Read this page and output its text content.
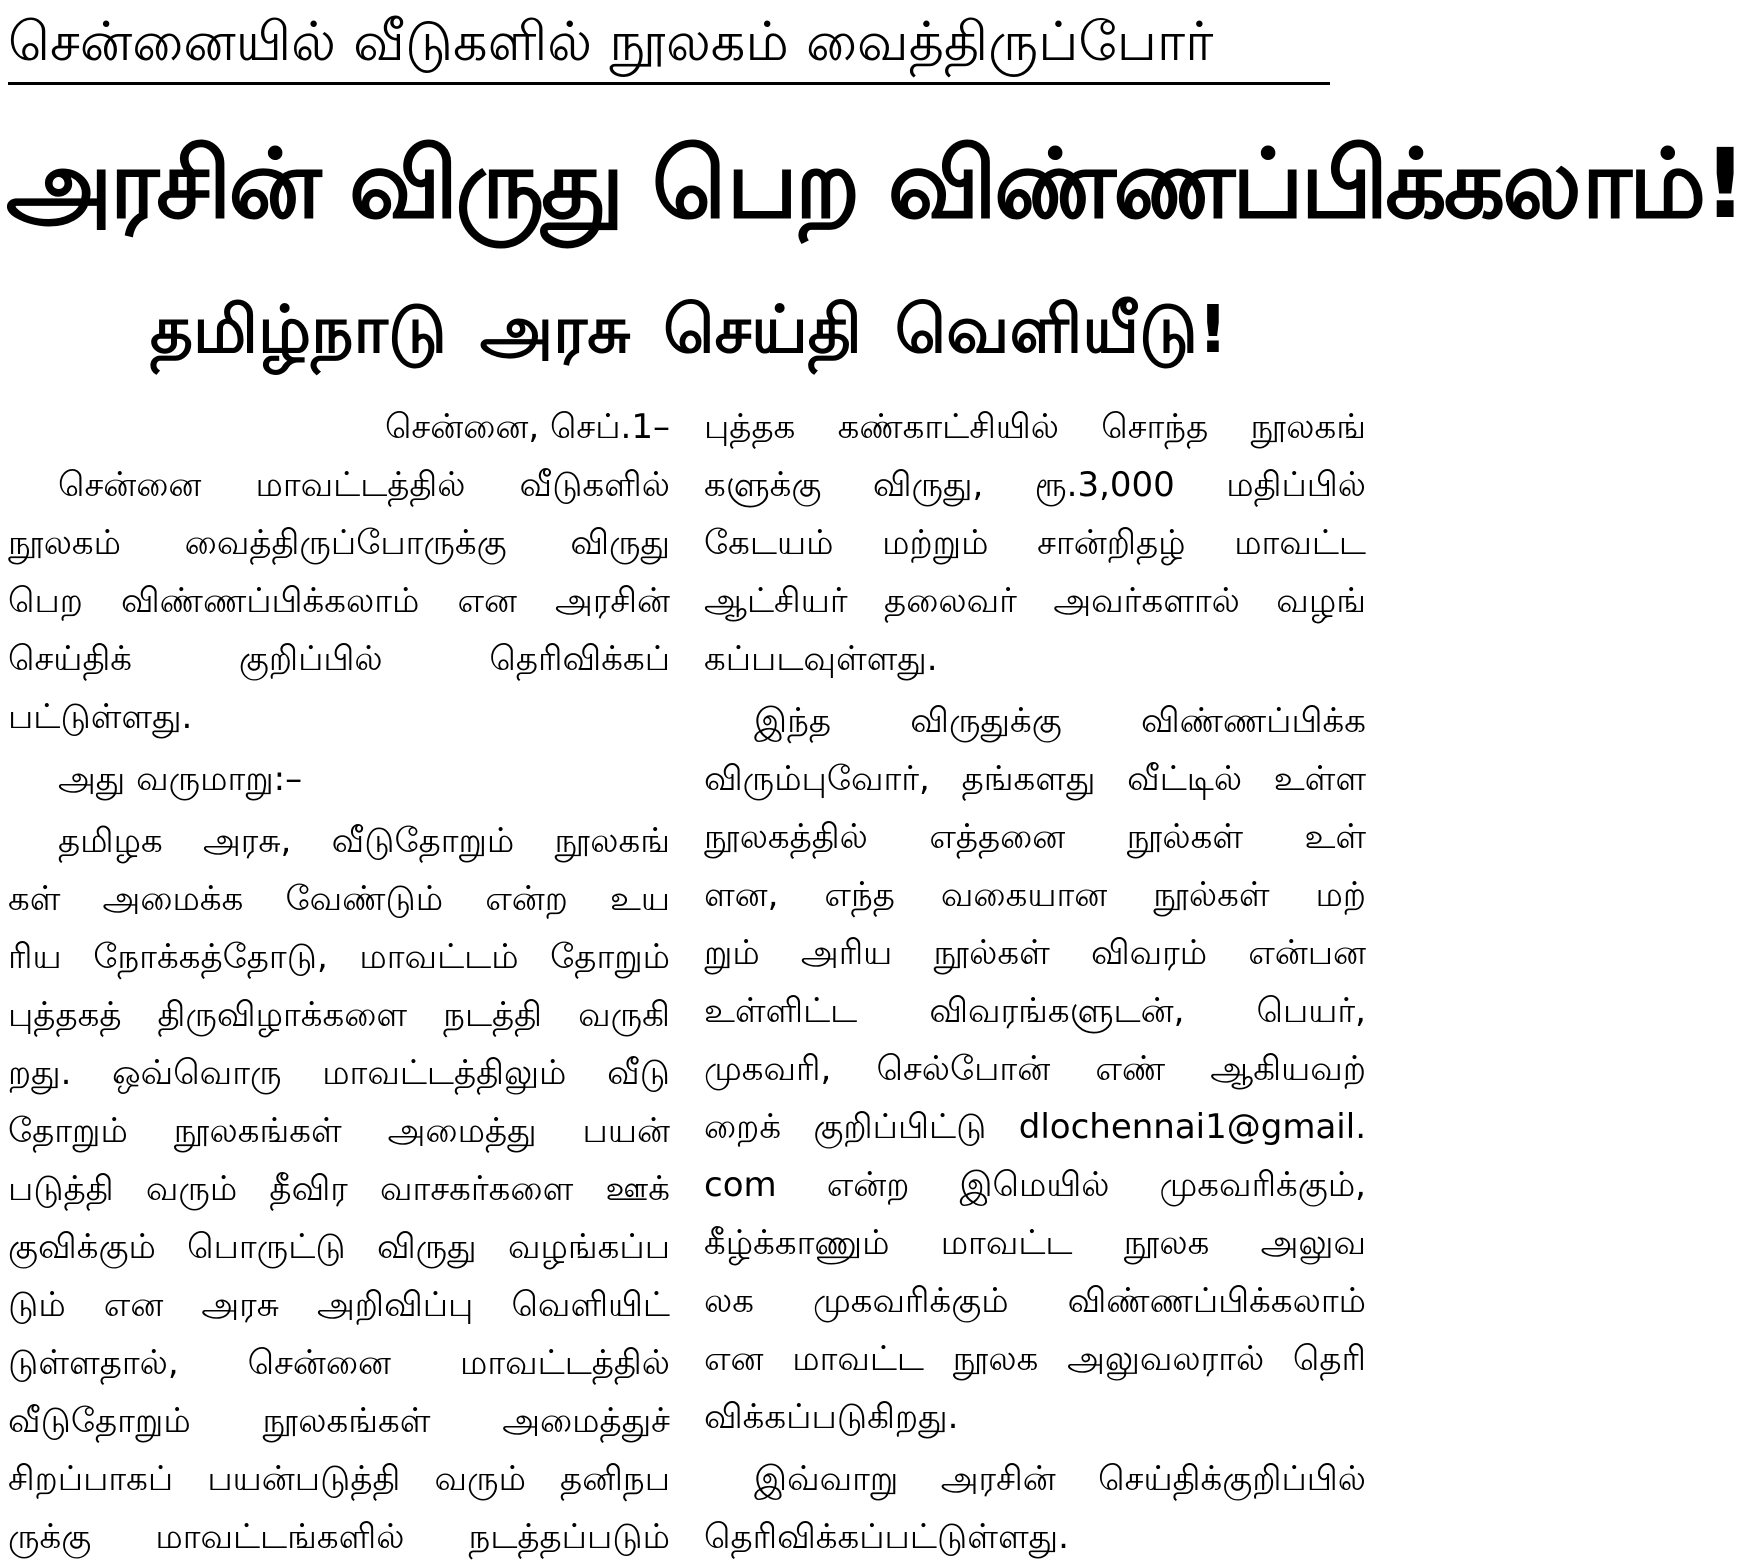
சென்னையில் வீடுகளில் நூலகம் வைத்திருப்போர்
அரசின் விருது பெற விண்ணப்பிக்கலாம்!
தமிழ்நாடு அரசு செய்தி வெளியீடு!
சென்னை, செப்.1–
சென்னை மாவட்டத்தில் வீடுகளில்
நூலகம் வைத்திருப்போருக்கு விருது
பெற விண்ணப்பிக்கலாம் என அரசின்
செய்திக் குறிப்பில் தெரிவிக்கப்
பட்டுள்ளது.
அது வருமாறு:–
தமிழக அரசு, வீடுதோறும் நூலகங்
கள் அமைக்க வேண்டும் என்ற உய
ரிய நோக்கத்தோடு, மாவட்டம் தோறும்
புத்தகத் திருவிழாக்களை நடத்தி வருகி
றது. ஒவ்வொரு மாவட்டத்திலும் வீடு
தோறும் நூலகங்கள் அமைத்து பயன்
படுத்தி வரும் தீவிர வாசகர்களை ஊக்
குவிக்கும் பொருட்டு விருது வழங்கப்ப
டும் என அரசு அறிவிப்பு வெளியிட்
டுள்ளதால், சென்னை மாவட்டத்தில்
வீடுதோறும் நூலகங்கள் அமைத்துச்
சிறப்பாகப் பயன்படுத்தி வரும் தனிநப
ருக்கு மாவட்டங்களில் நடத்தப்படும்
புத்தக கண்காட்சியில் சொந்த நூலகங்
களுக்கு விருது, ரூ.3,000 மதிப்பில்
கேடயம் மற்றும் சான்றிதழ் மாவட்ட
ஆட்சியர் தலைவர் அவர்களால் வழங்
கப்படவுள்ளது.
இந்த விருதுக்கு விண்ணப்பிக்க
விரும்புவோர், தங்களது வீட்டில் உள்ள
நூலகத்தில் எத்தனை நூல்கள் உள்
ளன, எந்த வகையான நூல்கள் மற்
றும் அரிய நூல்கள் விவரம் என்பன
உள்ளிட்ட விவரங்களுடன், பெயர்,
முகவரி, செல்போன் எண் ஆகியவற்
றைக் குறிப்பிட்டு dlochennai1@gmail.
com என்ற இமெயில் முகவரிக்கும்,
கீழ்க்காணும் மாவட்ட நூலக அலுவ
லக முகவரிக்கும் விண்ணப்பிக்கலாம்
என மாவட்ட நூலக அலுவலரால் தெரி
விக்கப்படுகிறது.
இவ்வாறு அரசின் செய்திக்குறிப்பில்
தெரிவிக்கப்பட்டுள்ளது.
